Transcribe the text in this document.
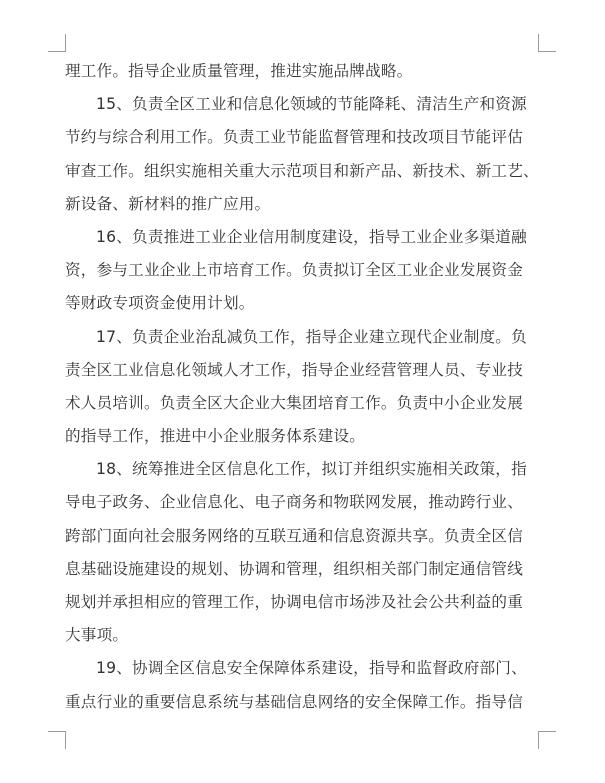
理工作。指导企业质量管理，推进实施品牌战略。
15、负责全区工业和信息化领域的节能降耗、清洁生产和资源
节约与综合利用工作。负责工业节能监督管理和技改项目节能评估
审查工作。组织实施相关重大示范项目和新产品、新技术、新工艺、
新设备、新材料的推广应用。
16、负责推进工业企业信用制度建设，指导工业企业多渠道融
资，参与工业企业上市培育工作。负责拟订全区工业企业发展资金
等财政专项资金使用计划。
17、负责企业治乱减负工作，指导企业建立现代企业制度。负
责全区工业信息化领域人才工作，指导企业经营管理人员、专业技
术人员培训。负责全区大企业大集团培育工作。负责中小企业发展
的指导工作，推进中小企业服务体系建设。
18、统筹推进全区信息化工作，拟订并组织实施相关政策，指
导电子政务、企业信息化、电子商务和物联网发展，推动跨行业、
跨部门面向社会服务网络的互联互通和信息资源共享。负责全区信
息基础设施建设的规划、协调和管理，组织相关部门制定通信管线
规划并承担相应的管理工作，协调电信市场涉及社会公共利益的重
大事项。
19、协调全区信息安全保障体系建设，指导和监督政府部门、
重点行业的重要信息系统与基础信息网络的安全保障工作。指导信
